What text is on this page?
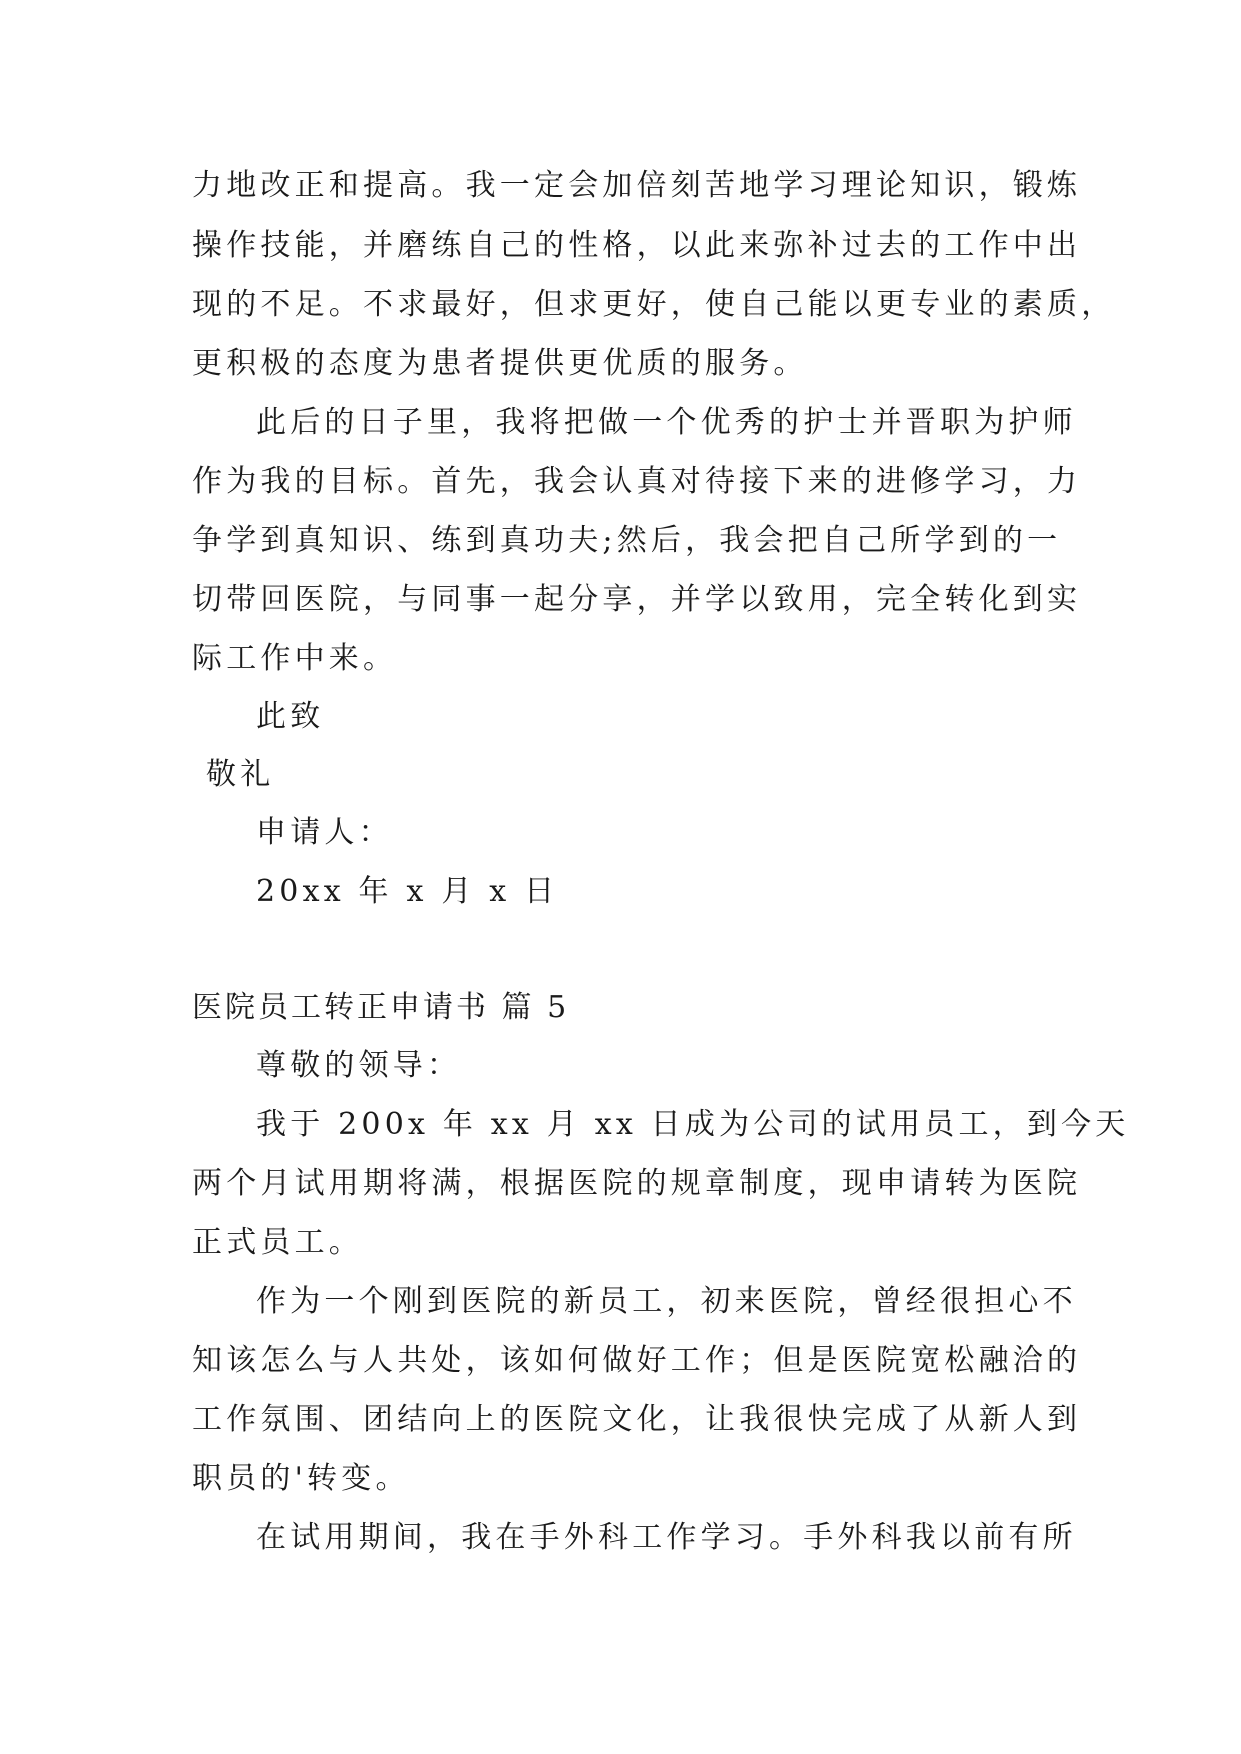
力地改正和提高。我一定会加倍刻苦地学习理论知识，锻炼
操作技能，并磨练自己的性格，以此来弥补过去的工作中出
现的不足。不求最好，但求更好，使自己能以更专业的素质，
更积极的态度为患者提供更优质的服务。
此后的日子里，我将把做一个优秀的护士并晋职为护师
作为我的目标。首先，我会认真对待接下来的进修学习，力
争学到真知识、练到真功夫;然后，我会把自己所学到的一
切带回医院，与同事一起分享，并学以致用，完全转化到实
际工作中来。
此致
敬礼
申请人：
20xx 年 x 月 x 日
医院员工转正申请书 篇 5
尊敬的领导：
我于 200x 年 xx 月 xx 日成为公司的试用员工，到今天
两个月试用期将满，根据医院的规章制度，现申请转为医院
正式员工。
作为一个刚到医院的新员工，初来医院，曾经很担心不
知该怎么与人共处，该如何做好工作；但是医院宽松融洽的
工作氛围、团结向上的医院文化，让我很快完成了从新人到
职员的'转变。
在试用期间，我在手外科工作学习。手外科我以前有所
